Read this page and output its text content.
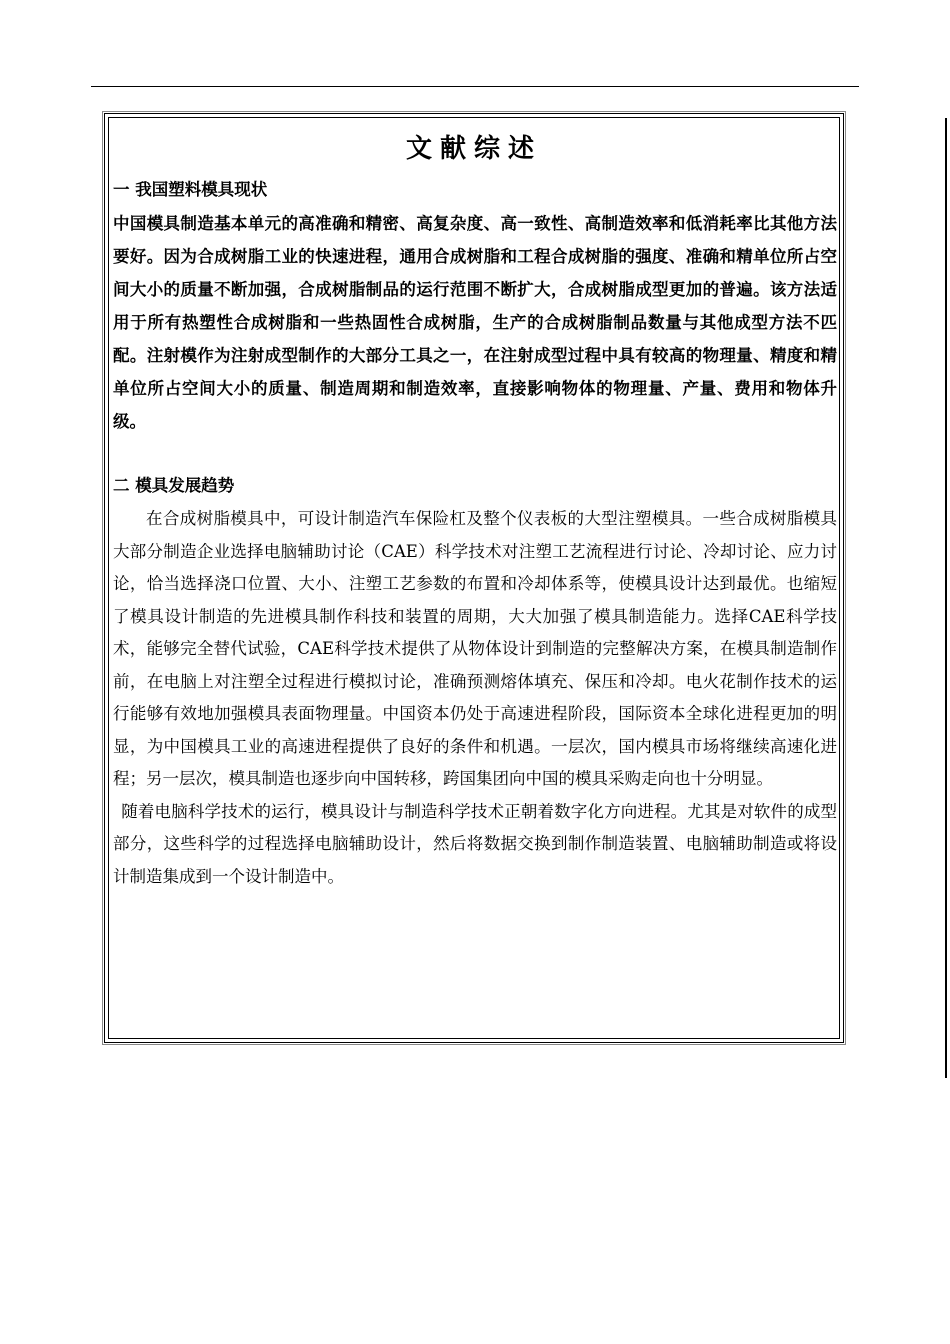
文献综述
一 我国塑料模具现状
中国模具制造基本单元的高准确和精密、高复杂度、高一致性、高制造效率和低消耗率比其他方法要好。因为合成树脂工业的快速进程，通用合成树脂和工程合成树脂的强度、准确和精单位所占空间大小的质量不断加强，合成树脂制品的运行范围不断扩大，合成树脂成型更加的普遍。该方法适用于所有热塑性合成树脂和一些热固性合成树脂，生产的合成树脂制品数量与其他成型方法不匹配。注射模作为注射成型制作的大部分工具之一，在注射成型过程中具有较高的物理量、精度和精单位所占空间大小的质量、制造周期和制造效率，直接影响物体的物理量、产量、费用和物体升级。
二 模具发展趋势
在合成树脂模具中，可设计制造汽车保险杠及整个仪表板的大型注塑模具。一些合成树脂模具大部分制造企业选择电脑辅助讨论（CAE）科学技术对注塑工艺流程进行讨论、冷却讨论、应力讨论，恰当选择浇口位置、大小、注塑工艺参数的布置和冷却体系等，使模具设计达到最优。也缩短了模具设计制造的先进模具制作科技和装置的周期，大大加强了模具制造能力。选择CAE科学技术，能够完全替代试验，CAE科学技术提供了从物体设计到制造的完整解决方案，在模具制造制作前，在电脑上对注塑全过程进行模拟讨论，准确预测熔体填充、保压和冷却。电火花制作技术的运行能够有效地加强模具表面物理量。中国资本仍处于高速进程阶段，国际资本全球化进程更加的明显，为中国模具工业的高速进程提供了良好的条件和机遇。一层次，国内模具市场将继续高速化进程；另一层次，模具制造也逐步向中国转移，跨国集团向中国的模具采购走向也十分明显。
随着电脑科学技术的运行，模具设计与制造科学技术正朝着数字化方向进程。尤其是对软件的成型部分，这些科学的过程选择电脑辅助设计，然后将数据交换到制作制造装置、电脑辅助制造或将设计制造集成到一个设计制造中。
